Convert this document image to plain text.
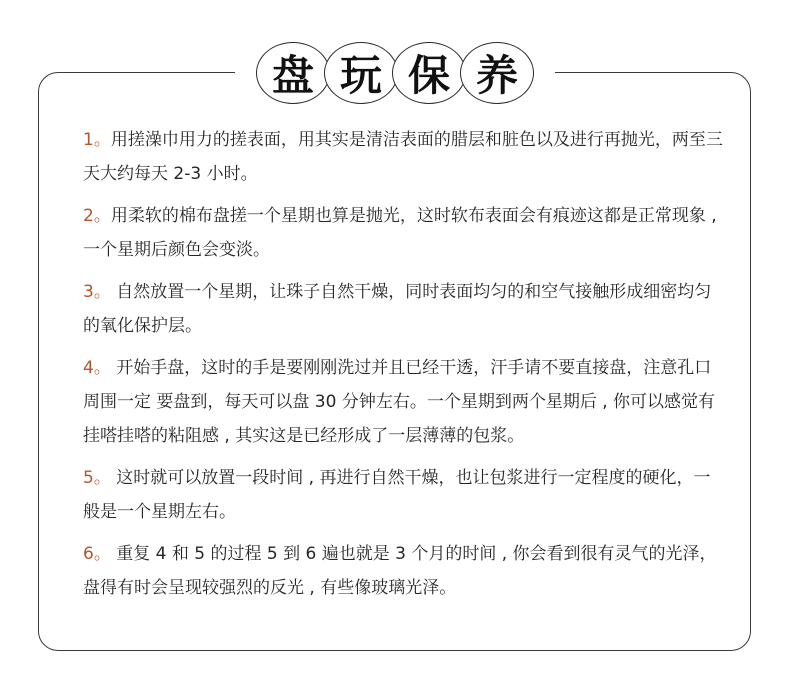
盘 玩 保 养

1。用搓澡巾用力的搓表面，用其实是清洁表面的腊层和脏色以及进行再抛光，两至三天大约每天 2-3 小时。

2。用柔软的棉布盘搓一个星期也算是抛光，这时软布表面会有痕迹这都是正常现象 , 一个星期后颜色会变淡。

3。 自然放置一个星期，让珠子自然干燥，同时表面均匀的和空气接触形成细密均匀的氧化保护层。

4。 开始手盘，这时的手是要刚刚洗过并且已经干透，汗手请不要直接盘，注意孔口周围一定 要盘到，每天可以盘 30 分钟左右。一个星期到两个星期后 , 你可以感觉有挂嗒挂嗒的粘阻感 , 其实这是已经形成了一层薄薄的包浆。

5。 这时就可以放置一段时间 , 再进行自然干燥，也让包浆进行一定程度的硬化，一般是一个星期左右。

6。 重复 4 和 5 的过程 5 到 6 遍也就是 3 个月的时间 , 你会看到很有灵气的光泽，盘得有时会呈现较强烈的反光 , 有些像玻璃光泽。
